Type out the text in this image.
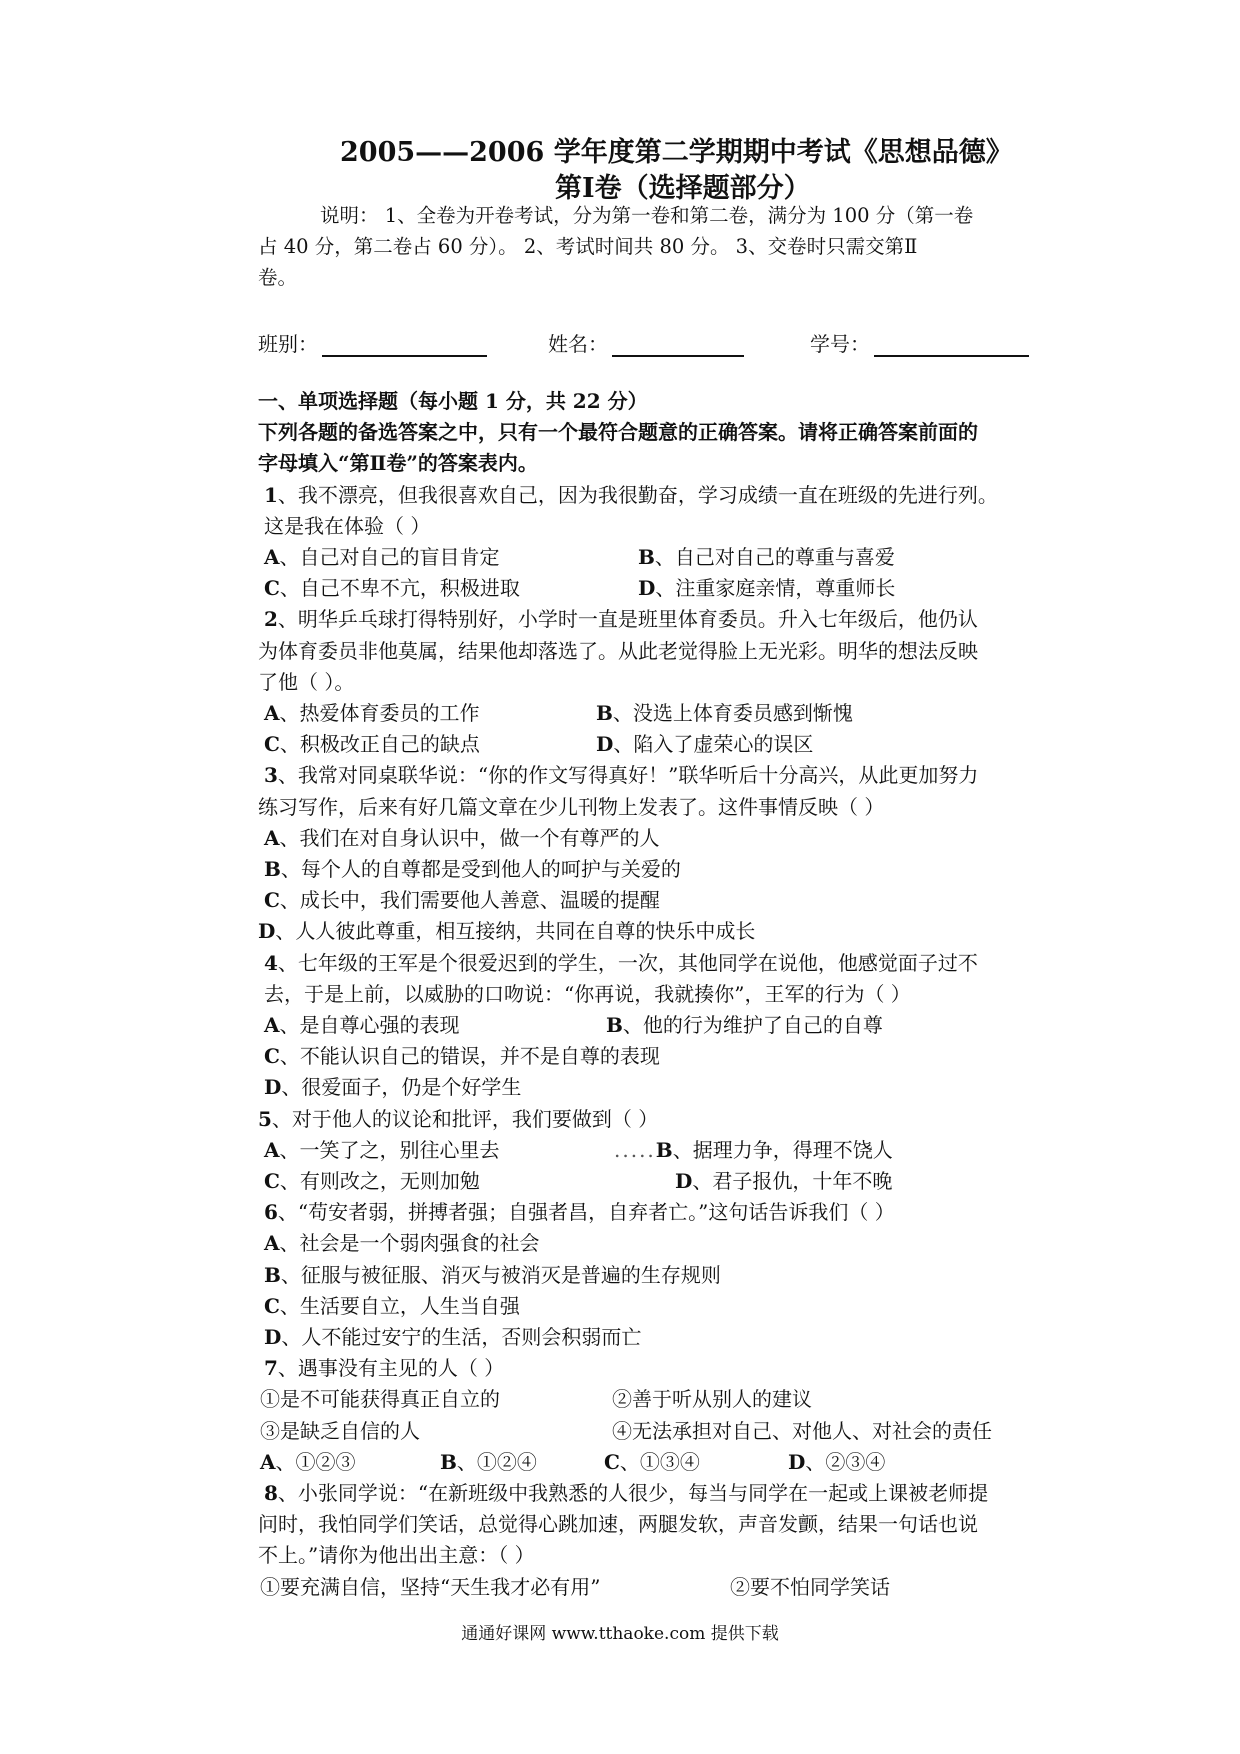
2005——2006 学年度第二学期期中考试《思想品德》
第Ⅰ卷（选择题部分）

说明： 1、全卷为开卷考试，分为第一卷和第二卷，满分为 100 分（第一卷

占 40 分，第二卷占 60 分）。 2、考试时间共 80 分。 3、交卷时只需交第Ⅱ

卷。

班别：	姓名：	学号：

一、单项选择题（每小题 1 分，共 22 分）

下列各题的备选答案之中，只有一个最符合题意的正确答案。请将正确答案前面的

字母填入“第Ⅱ卷”的答案表内。

1、我不漂亮，但我很喜欢自己，因为我很勤奋，学习成绩一直在班级的先进行列。

这是我在体验（ ）

A、自己对自己的盲目肯定	B、自己对自己的尊重与喜爱
C、自己不卑不亢，积极进取	D、注重家庭亲情，尊重师长

2、明华乒乓球打得特别好，小学时一直是班里体育委员。升入七年级后，他仍认

为体育委员非他莫属，结果他却落选了。从此老觉得脸上无光彩。明华的想法反映

了他（ ）。

A、热爱体育委员的工作	B、没选上体育委员感到惭愧
C、积极改正自己的缺点	D、陷入了虚荣心的误区

3、我常对同桌联华说：“你的作文写得真好！”联华听后十分高兴，从此更加努力

练习写作，后来有好几篇文章在少儿刊物上发表了。这件事情反映（ ）

A、我们在对自身认识中，做一个有尊严的人

B、每个人的自尊都是受到他人的呵护与关爱的

C、成长中，我们需要他人善意、温暖的提醒

D、人人彼此尊重，相互接纳，共同在自尊的快乐中成长

4、七年级的王军是个很爱迟到的学生，一次，其他同学在说他，他感觉面子过不

去，于是上前，以威胁的口吻说：“你再说，我就揍你”，王军的行为（ ）

A、是自尊心强的表现	B、他的行为维护了自己的自尊

C、不能认识自己的错误，并不是自尊的表现

D、很爱面子，仍是个好学生

5、对于他人的议论和批评，我们要做到（ ）

A、一笑了之，别往心里去	.....B、据理力争，得理不饶人
C、有则改之，无则加勉	D、君子报仇，十年不晚

6、“苟安者弱，拼搏者强；自强者昌，自弃者亡。”这句话告诉我们（ ）

A、社会是一个弱肉强食的社会

B、征服与被征服、消灭与被消灭是普遍的生存规则

C、生活要自立，人生当自强

D、人不能过安宁的生活，否则会积弱而亡

7、遇事没有主见的人（ ）

①是不可能获得真正自立的	②善于听从别人的建议
③是缺乏自信的人	④无法承担对自己、对他人、对社会的责任
A、①②③	B、①②④	C、①③④	D、②③④

8、小张同学说：“在新班级中我熟悉的人很少，每当与同学在一起或上课被老师提

问时，我怕同学们笑话，总觉得心跳加速，两腿发软，声音发颤，结果一句话也说

不上。”请你为他出出主意：（ ）

①要充满自信，坚持“天生我才必有用”	②要不怕同学笑话
通通好课网 www.tthaoke.com 提供下载
